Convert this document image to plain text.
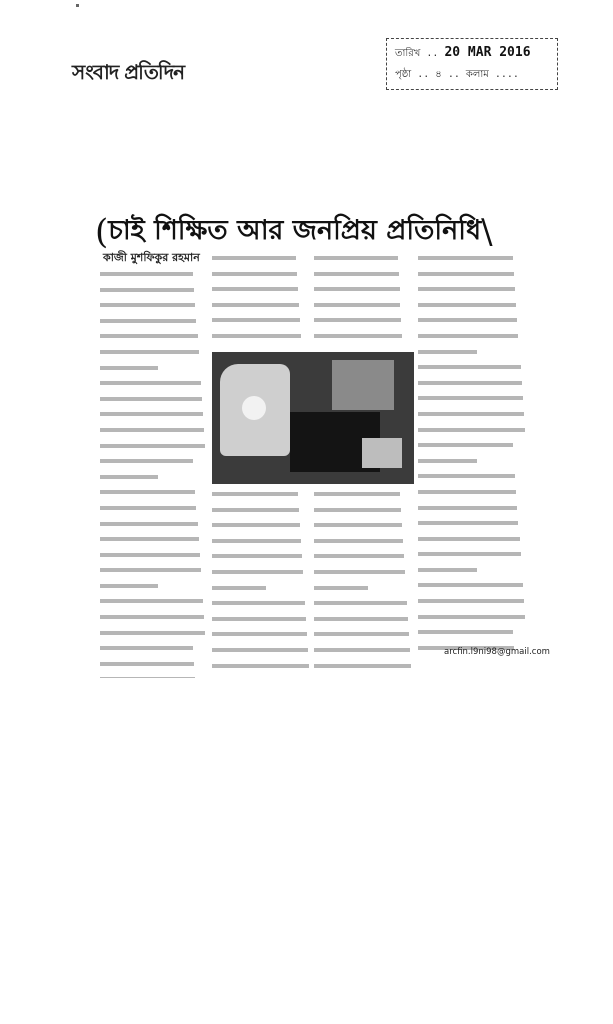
সংবাদ প্রতিদিন
তারিখ .. 20 MAR 2016
পৃষ্ঠা .. ৪ .. কলাম ....
(চাই শিক্ষিত আর জনপ্রিয় প্রতিনিধি\
কাজী মুশফিকুর রহমান
arcfin.l9ni98@gmail.com
